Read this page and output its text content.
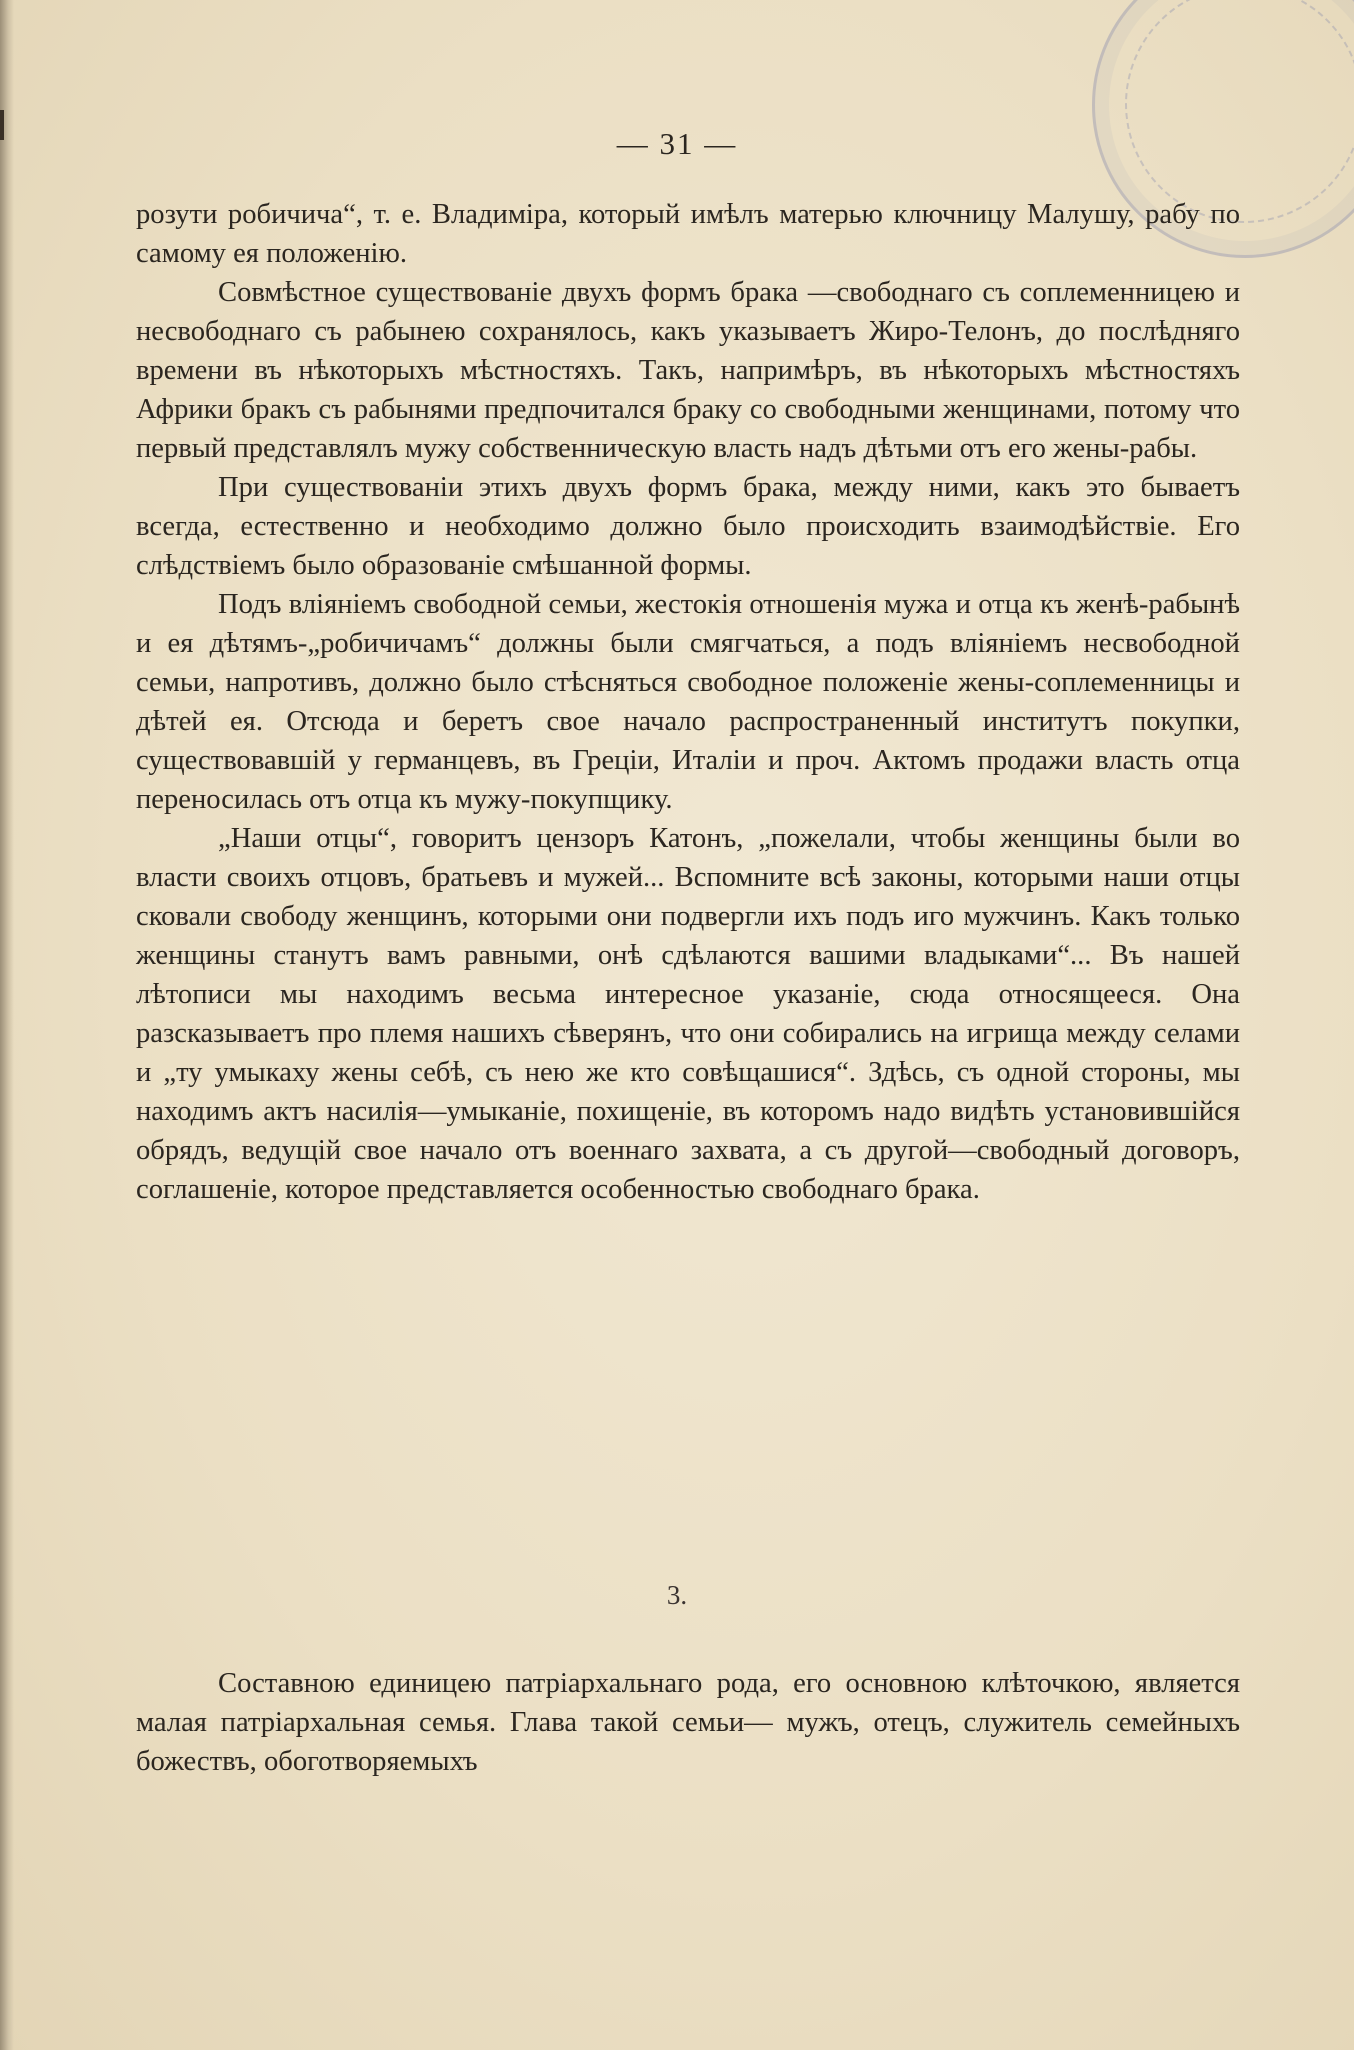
— 31 —

розути робичича“, т. е. Владиміра, который имѣлъ матерью ключницу Малушу, рабу по самому ея положенію.

Совмѣстное существованіе двухъ формъ брака —свободнаго съ соплеменницею и несвободнаго съ рабынею сохранялось, какъ указываетъ Жиро-Телонъ, до послѣдняго времени въ нѣкоторыхъ мѣстностяхъ. Такъ, напримѣръ, въ нѣкоторыхъ мѣстностяхъ Африки бракъ съ рабынями предпочитался браку со свободными женщинами, потому что первый представлялъ мужу собственническую власть надъ дѣтьми отъ его жены-рабы.

При существованіи этихъ двухъ формъ брака, между ними, какъ это бываетъ всегда, естественно и необходимо должно было происходить взаимодѣйствіе. Его слѣдствіемъ было образованіе смѣшанной формы.

Подъ вліяніемъ свободной семьи, жестокія отношенія мужа и отца къ женѣ-рабынѣ и ея дѣтямъ-„робичичамъ“ должны были смягчаться, а подъ вліяніемъ несвободной семьи, напротивъ, должно было стѣсняться свободное положеніе жены-соплеменницы и дѣтей ея. Отсюда и беретъ свое начало распространенный институтъ покупки, существовавшій у германцевъ, въ Греціи, Италіи и проч. Актомъ продажи власть отца переносилась отъ отца къ мужу-покупщику.

„Наши отцы“, говоритъ цензоръ Катонъ, „пожелали, чтобы женщины были во власти своихъ отцовъ, братьевъ и мужей... Вспомните всѣ законы, которыми наши отцы сковали свободу женщинъ, которыми они подвергли ихъ подъ иго мужчинъ. Какъ только женщины станутъ вамъ равными, онѣ сдѣлаются вашими владыками“... Въ нашей лѣтописи мы находимъ весьма интересное указаніе, сюда относящееся. Она разсказываетъ про племя нашихъ сѣверянъ, что они собирались на игрища между селами и „ту умыкаху жены себѣ, съ нею же кто совѣщашися“. Здѣсь, съ одной стороны, мы находимъ актъ насилія—умыканіе, похищеніе, въ которомъ надо видѣть установившійся обрядъ, ведущій свое начало отъ военнаго захвата, а съ другой—свободный договоръ, соглашеніе, которое представляется особенностью свободнаго брака.

3.

Составною единицею патріархальнаго рода, его основною клѣточкою, является малая патріархальная семья. Глава такой семьи— мужъ, отецъ, служитель семейныхъ божествъ, обоготворяемыхъ
